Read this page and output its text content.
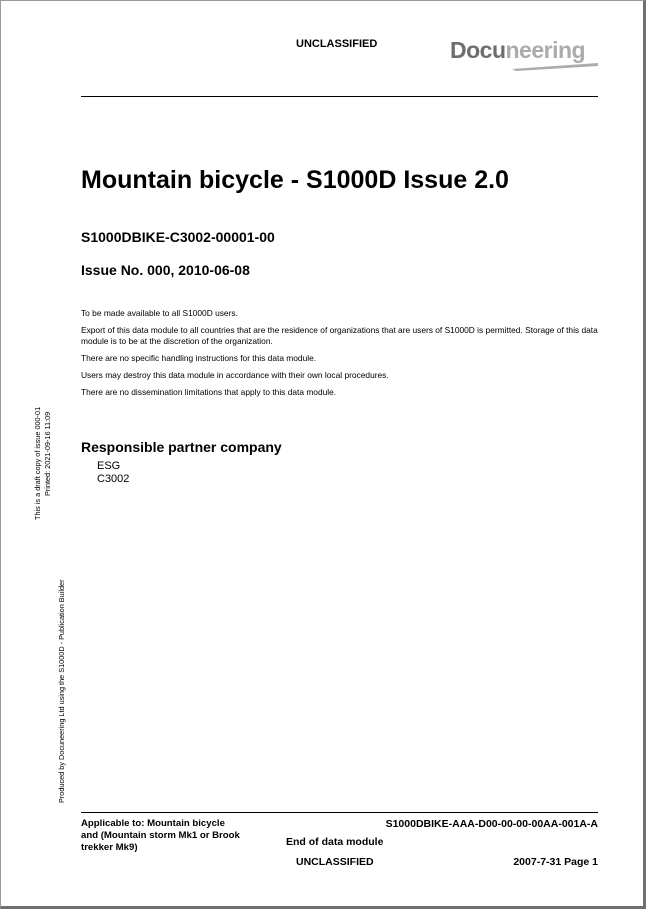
UNCLASSIFIED	Docuneering
Mountain bicycle - S1000D Issue 2.0
S1000DBIKE-C3002-00001-00
Issue No. 000, 2010-06-08

To be made available to all S1000D users.

Export of this data module to all countries that are the residence of organizations that are users of S1000D is permitted. Storage of this data module is to be at the discretion of the organization.

There are no specific handling instructions for this data module.

Users may destroy this data module in accordance with their own local procedures.

There are no dissemination limitations that apply to this data module.

Responsible partner company
ESG
C3002
Produced by Docuneering Ltd using the S1000D - Publication Builder
This is a draft copy of issue 000-01 Printed: 2021-09-16 11:09
Applicable to: Mountain bicycle and (Mountain storm Mk1 or Brook trekker Mk9)
S1000DBIKE-AAA-D00-00-00-00AA-001A-A
End of data module
UNCLASSIFIED	2007-7-31 Page 1
